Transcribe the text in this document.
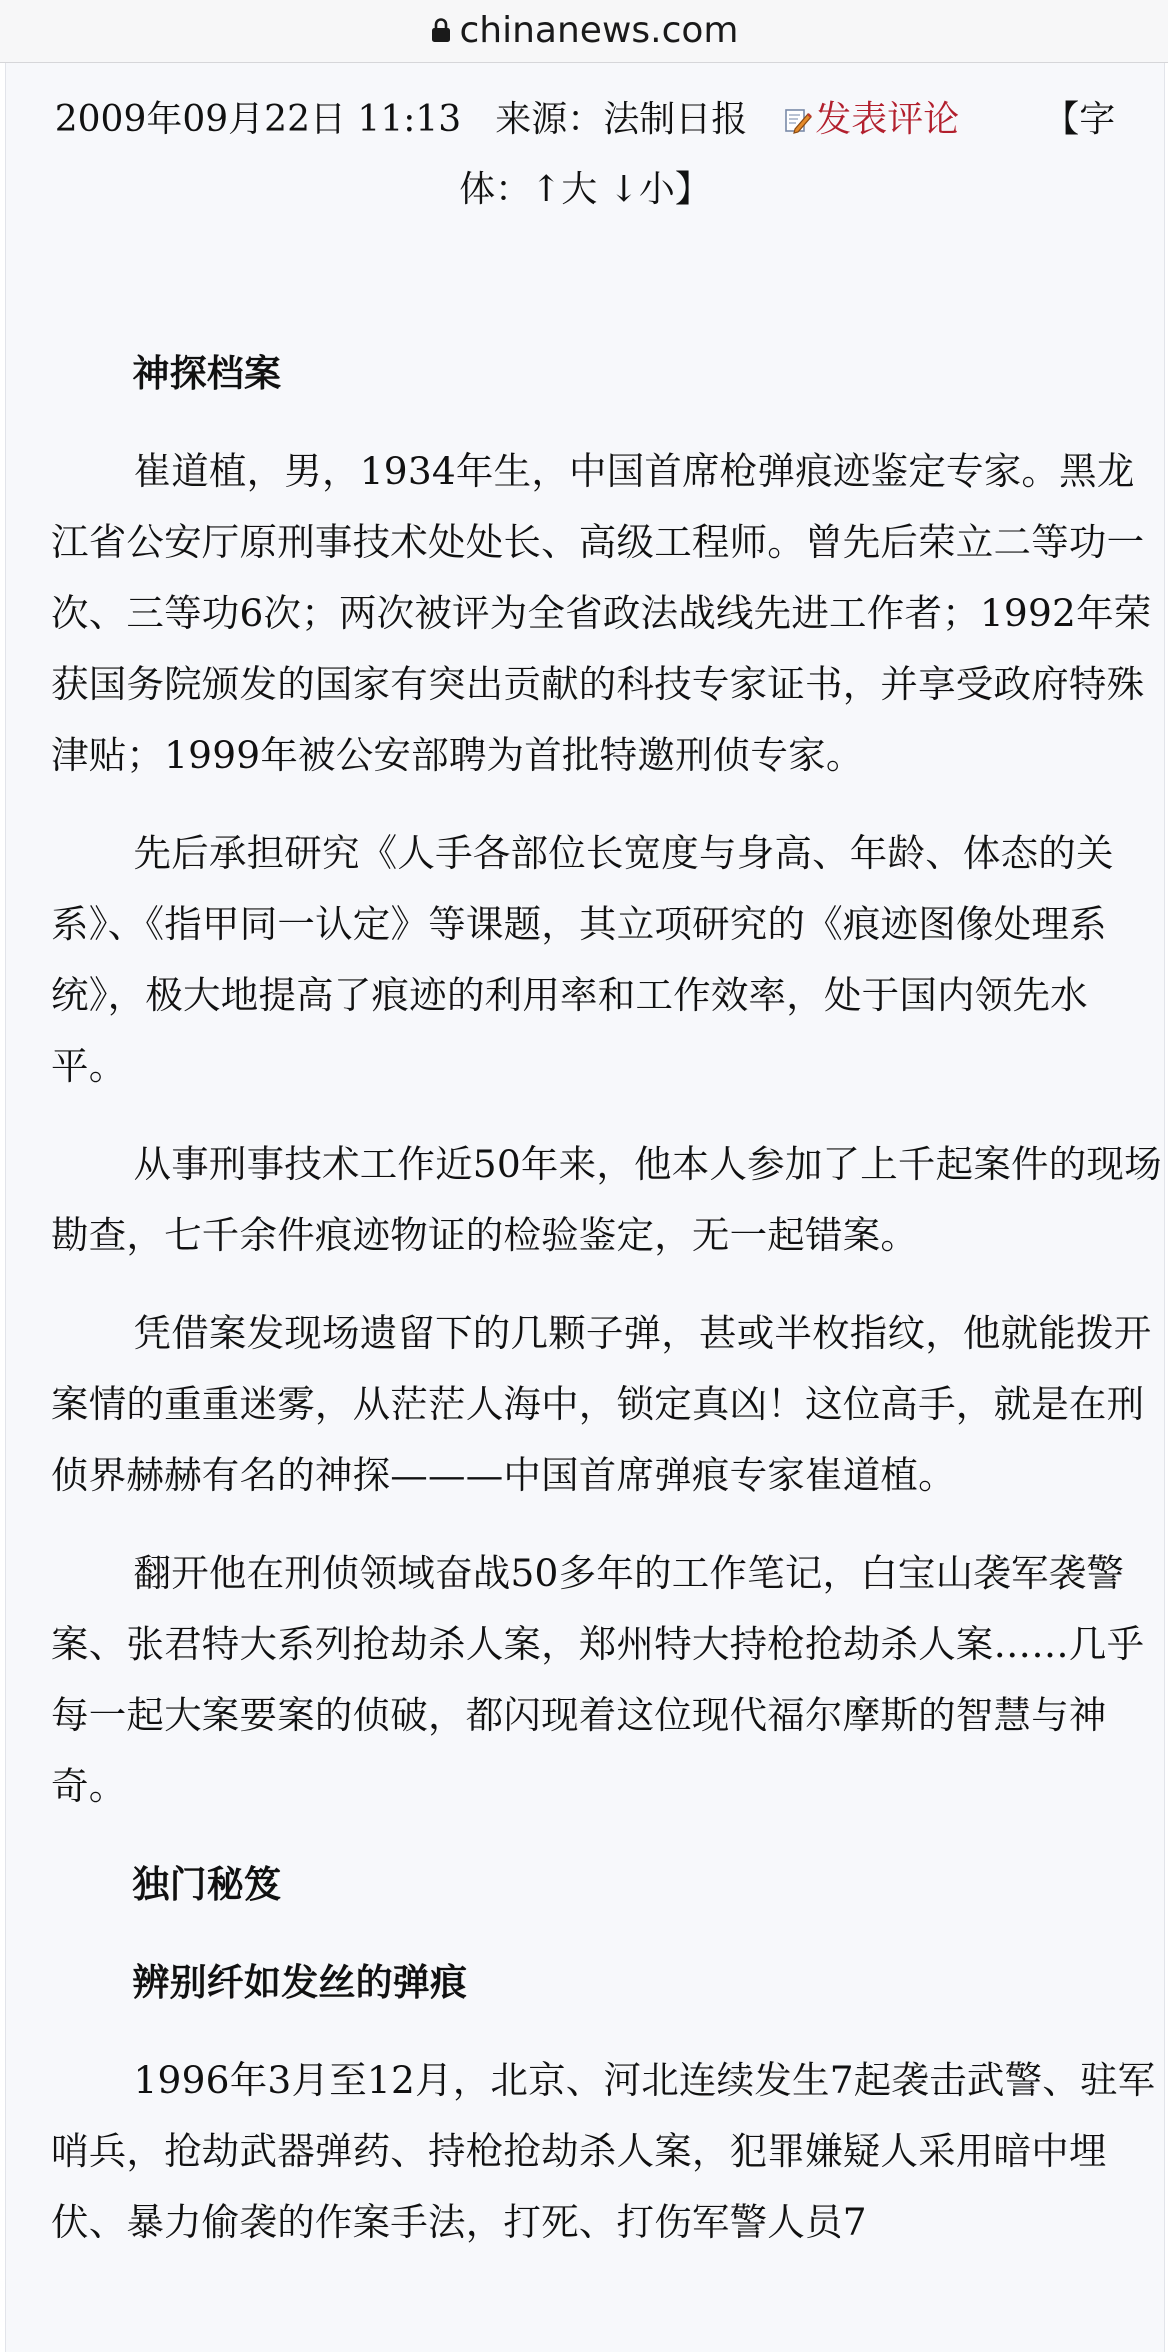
chinanews.com
2009年09月22日 11:13 来源：法制日报 发表评论 【字
体：↑大 ↓小】

神探档案

崔道植，男，1934年生，中国首席枪弹痕迹鉴定专家。黑龙江省公安厅原刑事技术处处长、高级工程师。曾先后荣立二等功一次、三等功6次；两次被评为全省政法战线先进工作者；1992年荣获国务院颁发的国家有突出贡献的科技专家证书，并享受政府特殊津贴；1999年被公安部聘为首批特邀刑侦专家。

先后承担研究《人手各部位长宽度与身高、年龄、体态的关系》、《指甲同一认定》等课题，其立项研究的《痕迹图像处理系统》，极大地提高了痕迹的利用率和工作效率，处于国内领先水平。

从事刑事技术工作近50年来，他本人参加了上千起案件的现场勘查，七千余件痕迹物证的检验鉴定，无一起错案。

凭借案发现场遗留下的几颗子弹，甚或半枚指纹，他就能拨开案情的重重迷雾，从茫茫人海中，锁定真凶！这位高手，就是在刑侦界赫赫有名的神探———中国首席弹痕专家崔道植。

翻开他在刑侦领域奋战50多年的工作笔记，白宝山袭军袭警案、张君特大系列抢劫杀人案，郑州特大持枪抢劫杀人案……几乎每一起大案要案的侦破，都闪现着这位现代福尔摩斯的智慧与神奇。

独门秘笈

辨别纤如发丝的弹痕

1996年3月至12月，北京、河北连续发生7起袭击武警、驻军哨兵，抢劫武器弹药、持枪抢劫杀人案，犯罪嫌疑人采用暗中埋伏、暴力偷袭的作案手法，打死、打伤军警人员7
